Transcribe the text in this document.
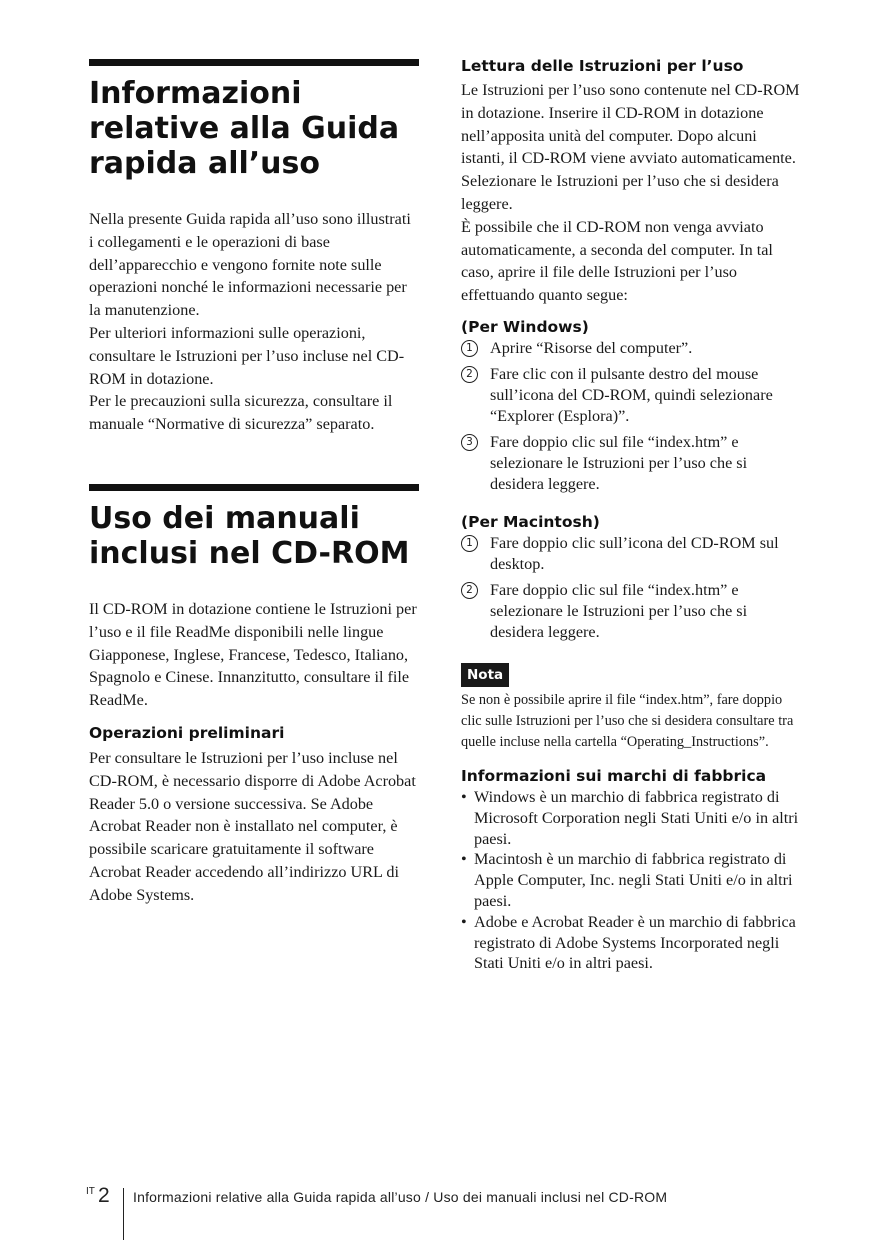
Informazioni relative alla Guida rapida all’uso

Nella presente Guida rapida all’uso sono illustrati i collegamenti e le operazioni di base dell’apparecchio e vengono fornite note sulle operazioni nonché le informazioni necessarie per la manutenzione.

Per ulteriori informazioni sulle operazioni, consultare le Istruzioni per l’uso incluse nel CD-ROM in dotazione.

Per le precauzioni sulla sicurezza, consultare il manuale “Normative di sicurezza” separato.

Uso dei manuali inclusi nel CD-ROM

Il CD-ROM in dotazione contiene le Istruzioni per l’uso e il file ReadMe disponibili nelle lingue Giapponese, Inglese, Francese, Tedesco, Italiano, Spagnolo e Cinese. Innanzitutto, consultare il file ReadMe.

Operazioni preliminari

Per consultare le Istruzioni per l’uso incluse nel CD-ROM, è necessario disporre di Adobe Acrobat Reader 5.0 o versione successiva. Se Adobe Acrobat Reader non è installato nel computer, è possibile scaricare gratuitamente il software Acrobat Reader accedendo all’indirizzo URL di Adobe Systems.

Lettura delle Istruzioni per l’uso

Le Istruzioni per l’uso sono contenute nel CD-ROM in dotazione. Inserire il CD-ROM in dotazione nell’apposita unità del computer. Dopo alcuni istanti, il CD-ROM viene avviato automaticamente.
Selezionare le Istruzioni per l’uso che si desidera leggere.
È possibile che il CD-ROM non venga avviato automaticamente, a seconda del computer. In tal caso, aprire il file delle Istruzioni per l’uso effettuando quanto segue:

(Per Windows)
1	Aprire “Risorse del computer”.
2	Fare clic con il pulsante destro del mouse sull’icona del CD-ROM, quindi selezionare “Explorer (Esplora)”.
3	Fare doppio clic sul file “index.htm” e selezionare le Istruzioni per l’uso che si desidera leggere.
(Per Macintosh)
1	Fare doppio clic sull’icona del CD-ROM sul desktop.
2	Fare doppio clic sul file “index.htm” e selezionare le Istruzioni per l’uso che si desidera leggere.
Nota

Se non è possibile aprire il file “index.htm”, fare doppio clic sulle Istruzioni per l’uso che si desidera consultare tra quelle incluse nella cartella “Operating_Instructions”.

Informazioni sui marchi di fabbrica
• Windows è un marchio di fabbrica registrato di Microsoft Corporation negli Stati Uniti e/o in altri paesi.
• Macintosh è un marchio di fabbrica registrato di Apple Computer, Inc. negli Stati Uniti e/o in altri paesi.
• Adobe e Acrobat Reader è un marchio di fabbrica registrato di Adobe Systems Incorporated negli Stati Uniti e/o in altri paesi.
IT 2 Informazioni relative alla Guida rapida all’uso / Uso dei manuali inclusi nel CD-ROM
